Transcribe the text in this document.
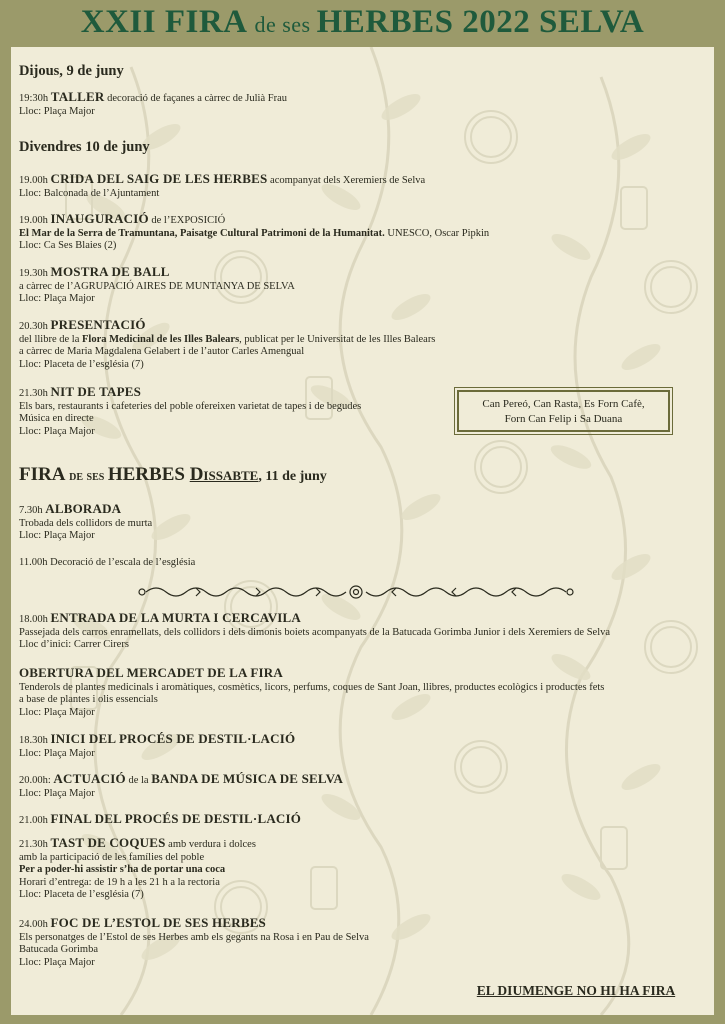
XXII FIRA de ses HERBES 2022 SELVA
Dijous, 9 de juny
19:30h TALLER decoració de façanes a càrrec de Julià Frau
Lloc: Plaça Major
Divendres 10 de juny
19.00h CRIDA DEL SAIG DE LES HERBES acompanyat dels Xeremiers de Selva
Lloc: Balconada de l’Ajuntament
19.00h INAUGURACIÓ de l’EXPOSICIÓ
El Mar de la Serra de Tramuntana, Paisatge Cultural Patrimoni de la Humanitat. UNESCO, Oscar Pipkin
Lloc: Ca Ses Blaies (2)
19.30h MOSTRA DE BALL
a càrrec de l’AGRUPACIÓ AIRES DE MUNTANYA DE SELVA
Lloc: Plaça Major
20.30h PRESENTACIÓ
del llibre de la Flora Medicinal de les Illes Balears, publicat per le Universitat de les Illes Balears
a càrrec de Maria Magdalena Gelabert i de l’autor Carles Amengual
Lloc: Placeta de l’església (7)
21.30h NIT DE TAPES
Els bars, restaurants i cafeteries del poble ofereixen varietat de tapes i de begudes
Música en directe
Lloc: Plaça Major
Can Pereó, Can Rasta, Es Forn Cafè,
Forn Can Felip i Sa Duana
FIRA de ses HERBES Dissabte, 11 de juny
7.30h ALBORADA
Trobada dels collidors de murta
Lloc: Plaça Major
11.00h Decoració de l’escala de l’església
18.00h ENTRADA DE LA MURTA I CERCAVILA
Passejada dels carros enramellats, dels collidors i dels dimonis boiets acompanyats de la Batucada Gorimba Junior i dels Xeremiers de Selva
Lloc d’inici: Carrer Cirers
OBERTURA DEL MERCADET DE LA FIRA
Tenderols de plantes medicinals i aromàtiques, cosmètics, licors, perfums, coques de Sant Joan, llibres, productes ecològics i productes fets
a base de plantes i olis essencials
Lloc: Plaça Major
18.30h INICI DEL PROCÉS DE DESTIL·LACIÓ
Lloc: Plaça Major
20.00h: ACTUACIÓ de la BANDA DE MÚSICA DE SELVA
Lloc: Plaça Major
21.00h FINAL DEL PROCÉS DE DESTIL·LACIÓ
21.30h TAST DE COQUES amb verdura i dolces
amb la participació de les famílies del poble
Per a poder-hi assistir s’ha de portar una coca
Horari d’entrega: de 19 h a les 21 h a la rectoria
Lloc: Placeta de l’església (7)
24.00h FOC DE L’ESTOL DE SES HERBES
Els personatges de l’Estol de ses Herbes amb els gegants na Rosa i en Pau de Selva
Batucada Gorimba
Lloc: Plaça Major
EL DIUMENGE NO HI HA FIRA
